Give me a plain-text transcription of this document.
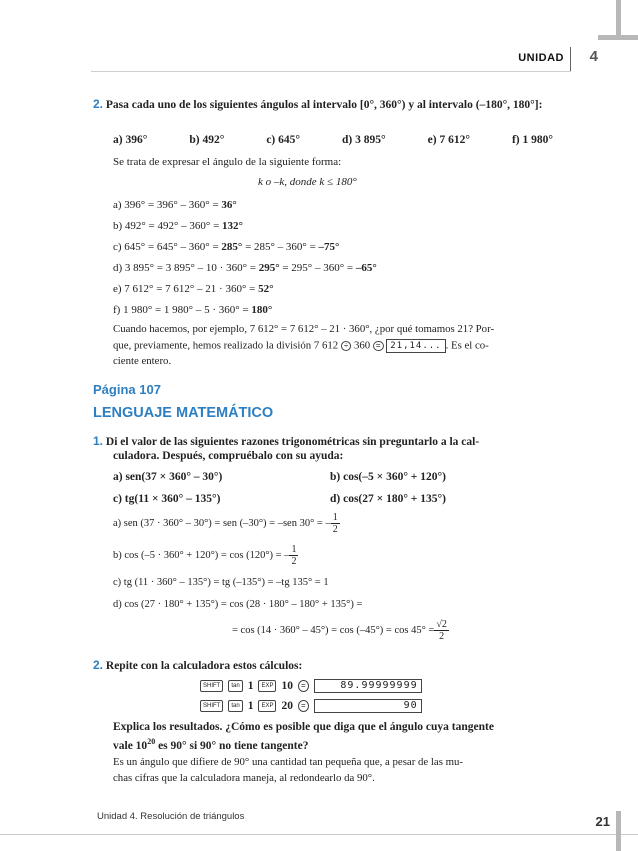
UNIDAD 4
2. Pasa cada uno de los siguientes ángulos al intervalo [0°, 360°) y al intervalo (–180°, 180°]:
a) 396°	b) 492°	c) 645°	d) 3 895°	e) 7 612°	f) 1 980°
Se trata de expresar el ángulo de la siguiente forma:
k o –k, donde k ≤ 180°
a) 396° = 396° – 360° = 36°
b) 492° = 492° – 360° = 132°
c) 645° = 645° – 360° = 285° = 285° – 360° = –75°
d) 3 895° = 3 895° – 10 · 360° = 295° = 295° – 360° = –65°
e) 7 612° = 7 612° – 21 · 360° = 52°
f) 1 980° = 1 980° – 5 · 360° = 180°
Cuando hacemos, por ejemplo, 7 612° = 7 612° – 21 · 360°, ¿por qué tomamos 21? Por-
que, previamente, hemos realizado la división 7 612 ÷ 360 = 21,14... . Es el co-
ciente entero.
Página 107
LENGUAJE MATEMÁTICO
1. Di el valor de las siguientes razones trigonométricas sin preguntarlo a la cal-
culadora. Después, compruébalo con su ayuda:
a) sen(37 × 360° – 30°)	b) cos(–5 × 360° + 120°)
c) tg(11 × 360° – 135°)	d) cos(27 × 180° + 135°)
a) sen (37 · 360° – 30°) = sen (–30°) = –sen 30° = – $\frac{1}{2}$
b) cos (–5 · 360° + 120°) = cos (120°) = – $\frac{1}{2}$
c) tg (11 · 360° – 135°) = tg (–135°) = –tg 135° = 1
d) cos (27 · 180° + 135°) = cos (28 · 180° – 180° + 135°) =
= $\cos (14 \cdot 360^\circ - 45^\circ) = \cos (-45^\circ) = \cos 45^\circ = \frac{√2}{2}$
2. Repite con la calculadora estos cálculos:
SHIFT	tan 1	EXP 10	=	89.99999999
SHIFT	tan 1	EXP 20	=	90
Explica los resultados. ¿Cómo es posible que diga que el ángulo cuya tangente
vale $10^{20}$ es 90° si 90° no tiene tangente?
Es un ángulo que difiere de 90° una cantidad tan pequeña que, a pesar de las mu-
chas cifras que la calculadora maneja, al redondearlo da 90°.
Unidad 4. Resolución de triángulos	21
